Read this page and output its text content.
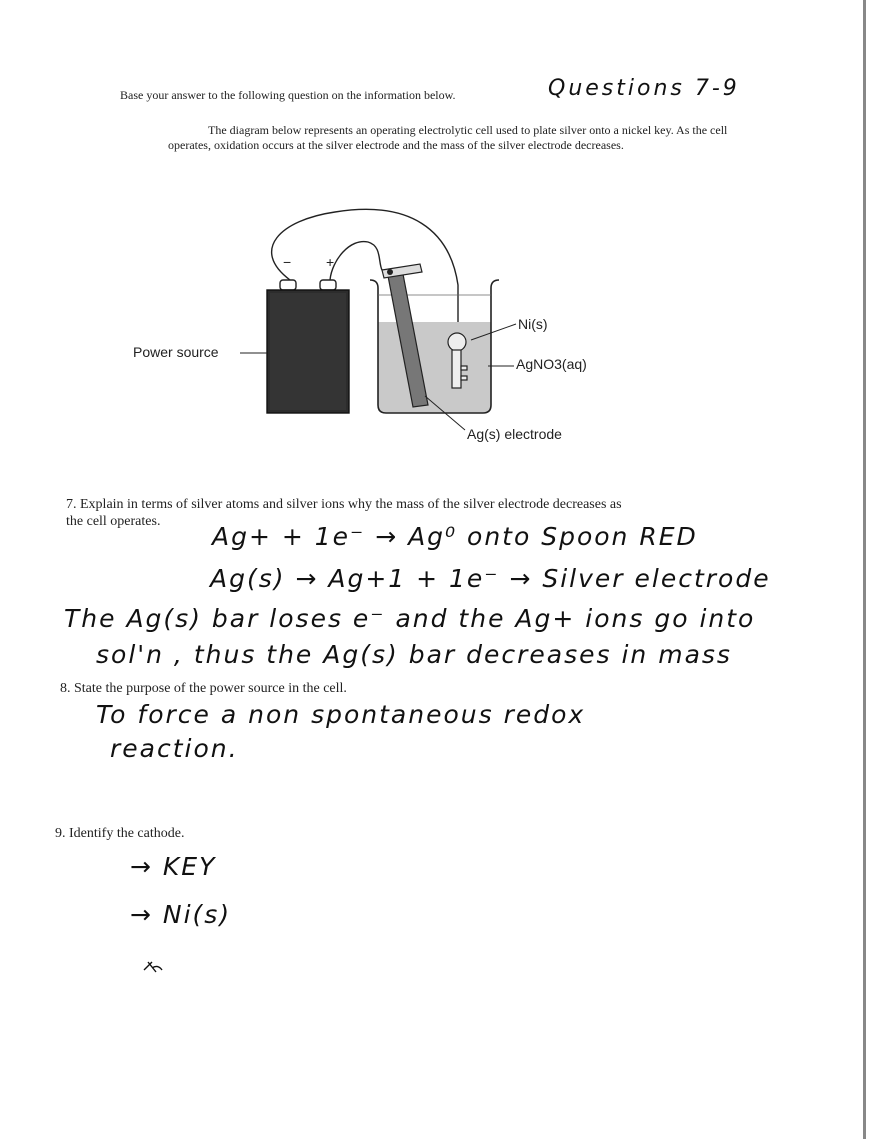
Base your answer to the following question on the information below.	Questions 7-9
The diagram below represents an operating electrolytic cell used to plate silver onto a nickel key. As the cell operates, oxidation occurs at the silver electrode and the mass of the silver electrode decreases.
− +
Power source
Ni(s)
AgNO3(aq)
Ag(s) electrode
7. Explain in terms of silver atoms and silver ions why the mass of the silver electrode decreases as
the cell operates.
Ag+ + 1e⁻ → Ag⁰ onto Spoon RED
Ag(s) → Ag+1 + 1e⁻ → Silver electrode
The Ag(s) bar loses e⁻ and the Ag+ ions go into
sol'n , thus the Ag(s) bar decreases in mass
8. State the purpose of the power source in the cell.
To force a non spontaneous redox
reaction.
9. Identify the cathode.
→ KEY
→ Ni(s)
